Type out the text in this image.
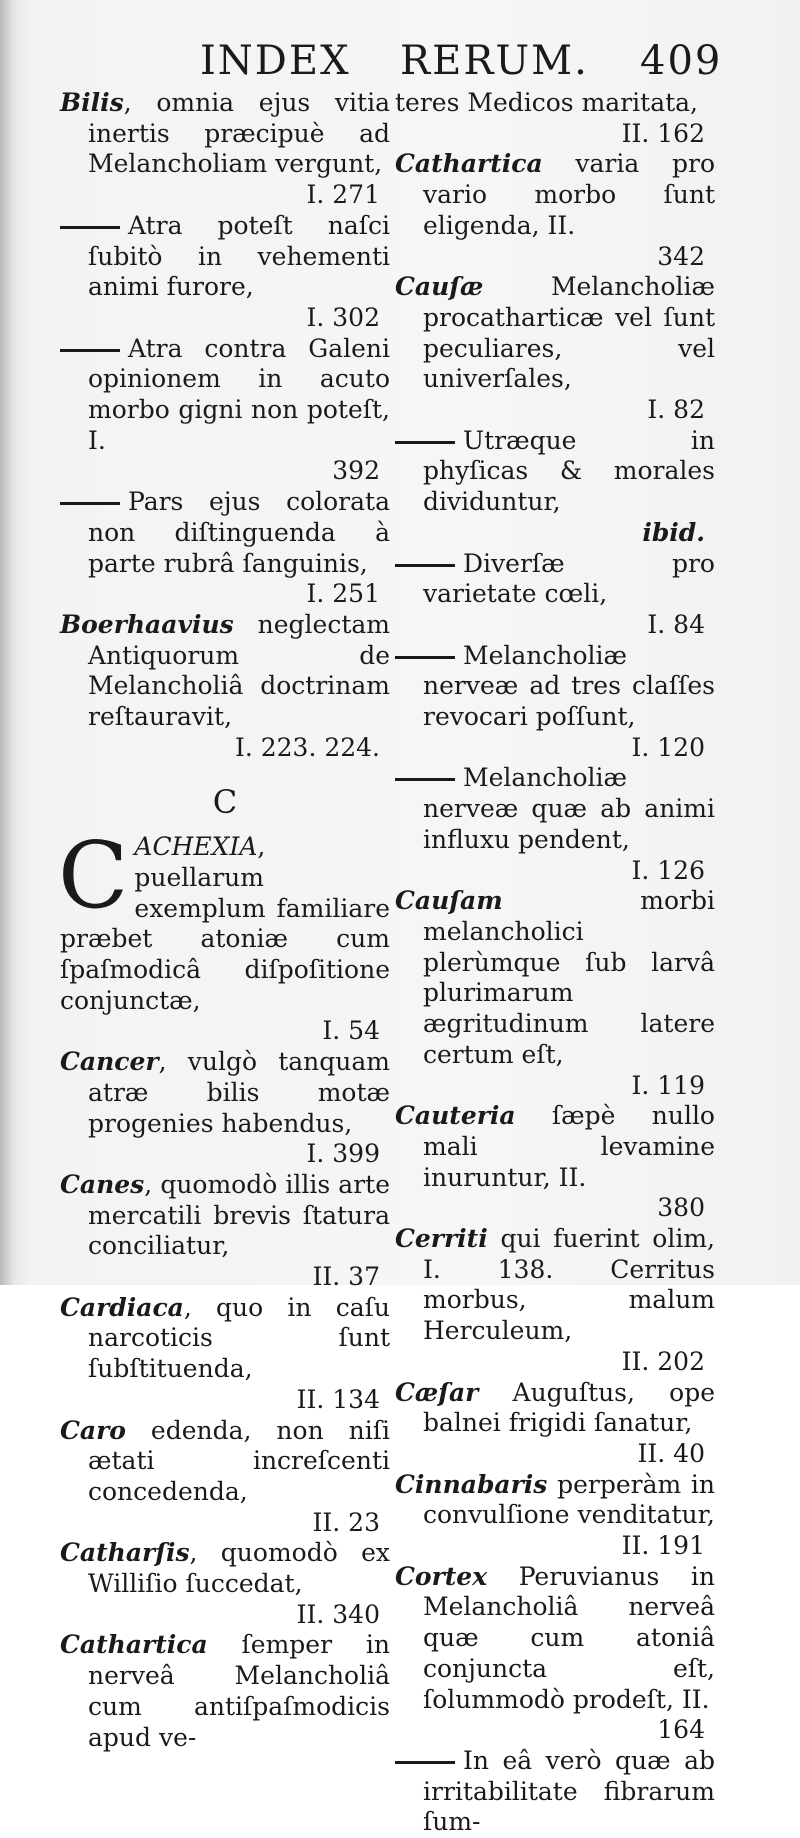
INDEX RERUM. 409

Bilis, omnia ejus vitia inertis præcipuè ad Melancholiam vergunt,

I. 271

Atra poteſt naſci ſubitò in vehementi animi furore,

I. 302

Atra contra Galeni opinionem in acuto morbo gigni non poteſt, I.

392

Pars ejus colorata non diſtinguenda à parte rubrâ ſanguinis,

I. 251

Boerhaavius neglectam Antiquorum de Melancholiâ doctrinam reſtauravit,

I. 223. 224.

C

CACHEXIA, puellarum exemplum familiare præbet atoniæ cum ſpaſmodicâ diſpoſitione conjunctæ,

I. 54

Cancer, vulgò tanquam atræ bilis motæ progenies habendus,

I. 399

Canes, quomodò illis arte mercatili brevis ſtatura conciliatur,

II. 37

Cardiaca, quo in caſu narcoticis ſunt ſubſtituenda,

II. 134

Caro edenda, non niſi ætati increſcenti concedenda,

II. 23

Catharſis, quomodò ex Williſio ſuccedat,

II. 340

Cathartica ſemper in nerveâ Melancholiâ cum antiſpaſmodicis apud ve-

teres Medicos maritata,

II. 162

Cathartica varia pro vario morbo ſunt eligenda, II.

342

Cauſæ Melancholiæ procatharticæ vel ſunt peculiares, vel univerſales,

I. 82

Utræque in phyſicas & morales dividuntur,

ibid.

Diverſæ pro varietate cœli,

I. 84

Melancholiæ nerveæ ad tres claſſes revocari poſſunt,

I. 120

Melancholiæ nerveæ quæ ab animi influxu pendent,

I. 126

Cauſam morbi melancholici plerùmque ſub larvâ plurimarum ægritudinum latere certum eſt,

I. 119

Cauteria ſæpè nullo mali levamine inuruntur, II.

380

Cerriti qui fuerint olim, I. 138. Cerritus morbus, malum Herculeum,

II. 202

Cæſar Auguſtus, ope balnei frigidi ſanatur,

II. 40

Cinnabaris perperàm in convulſione venditatur,

II. 191

Cortex Peruvianus in Melancholiâ nerveâ quæ cum atoniâ conjuncta eſt, ſolummodò prodeſt, II.

164

In eâ verò quæ ab irritabilitate fibrarum ſum-
